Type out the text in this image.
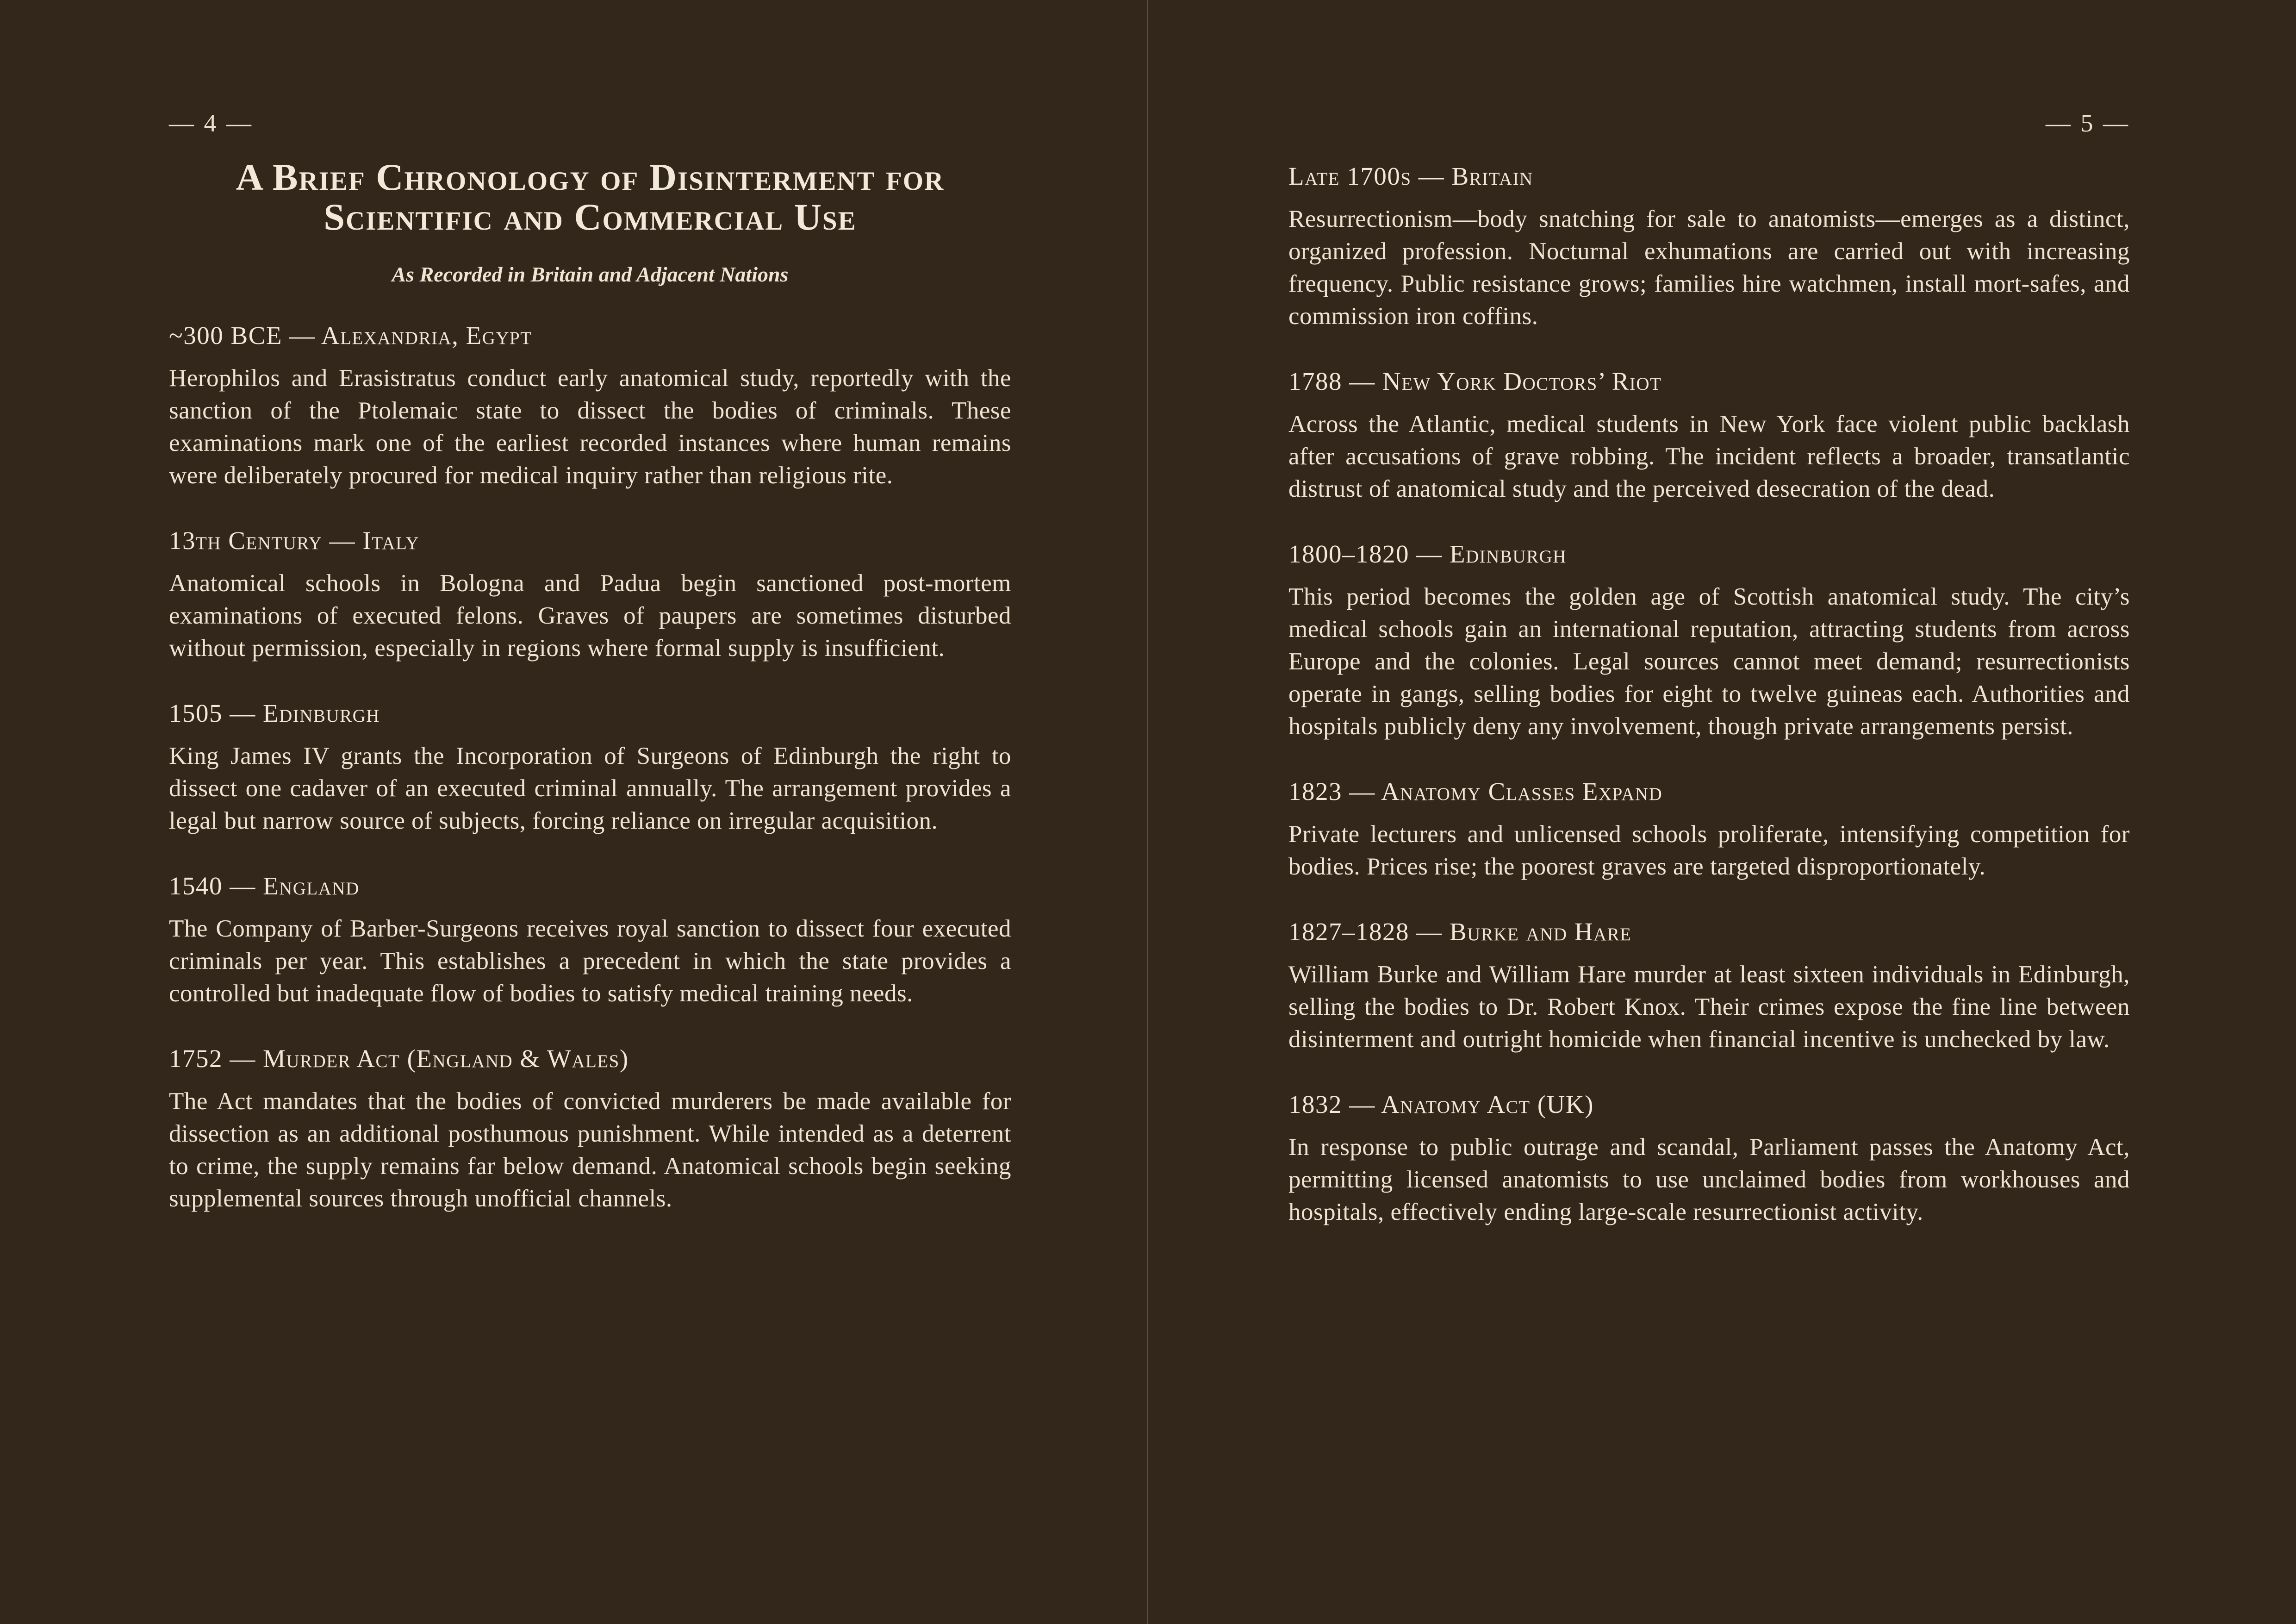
— 4 —
A Brief Chronology of Disinterment for
Scientific and Commercial Use
As Recorded in Britain and Adjacent Nations
~300 BCE — Alexandria, Egypt

Herophilos and Erasistratus conduct early anatomical study, reportedly with the sanction of the Ptolemaic state to dissect the bodies of criminals. These examinations mark one of the earliest recorded instances where human remains were deliberately procured for medical inquiry rather than religious rite.

13th Century — Italy

Anatomical schools in Bologna and Padua begin sanctioned post-mortem examinations of executed felons. Graves of paupers are sometimes disturbed without permission, especially in regions where formal supply is insufficient.

1505 — Edinburgh

King James IV grants the Incorporation of Surgeons of Edinburgh the right to dissect one cadaver of an executed criminal annually. The arrangement provides a legal but narrow source of subjects, forcing reliance on irregular acquisition.

1540 — England

The Company of Barber-Surgeons receives royal sanction to dissect four executed criminals per year. This establishes a precedent in which the state provides a controlled but inadequate flow of bodies to satisfy medical training needs.

1752 — Murder Act (England & Wales)

The Act mandates that the bodies of convicted murderers be made available for dissection as an additional posthumous punishment. While intended as a deterrent to crime, the supply remains far below demand. Anatomical schools begin seeking supplemental sources through unofficial channels.

— 5 —
Late 1700s — Britain

Resurrectionism—body snatching for sale to anatomists—emerges as a distinct, organized profession. Nocturnal exhumations are carried out with increasing frequency. Public resistance grows; families hire watchmen, install mort-safes, and commission iron coffins.

1788 — New York Doctors’ Riot

Across the Atlantic, medical students in New York face violent public backlash after accusations of grave robbing. The incident reflects a broader, transatlantic distrust of anatomical study and the perceived desecration of the dead.

1800–1820 — Edinburgh

This period becomes the golden age of Scottish anatomical study. The city’s medical schools gain an international reputation, attracting students from across Europe and the colonies. Legal sources cannot meet demand; resurrectionists operate in gangs, selling bodies for eight to twelve guineas each. Authorities and hospitals publicly deny any involvement, though private arrangements persist.

1823 — Anatomy Classes Expand

Private lecturers and unlicensed schools proliferate, intensifying competition for bodies. Prices rise; the poorest graves are targeted disproportionately.

1827–1828 — Burke and Hare

William Burke and William Hare murder at least sixteen individuals in Edinburgh, selling the bodies to Dr. Robert Knox. Their crimes expose the fine line between disinterment and outright homicide when financial incentive is unchecked by law.

1832 — Anatomy Act (UK)

In response to public outrage and scandal, Parliament passes the Anatomy Act, permitting licensed anatomists to use unclaimed bodies from workhouses and hospitals, effectively ending large-scale resurrectionist activity.
